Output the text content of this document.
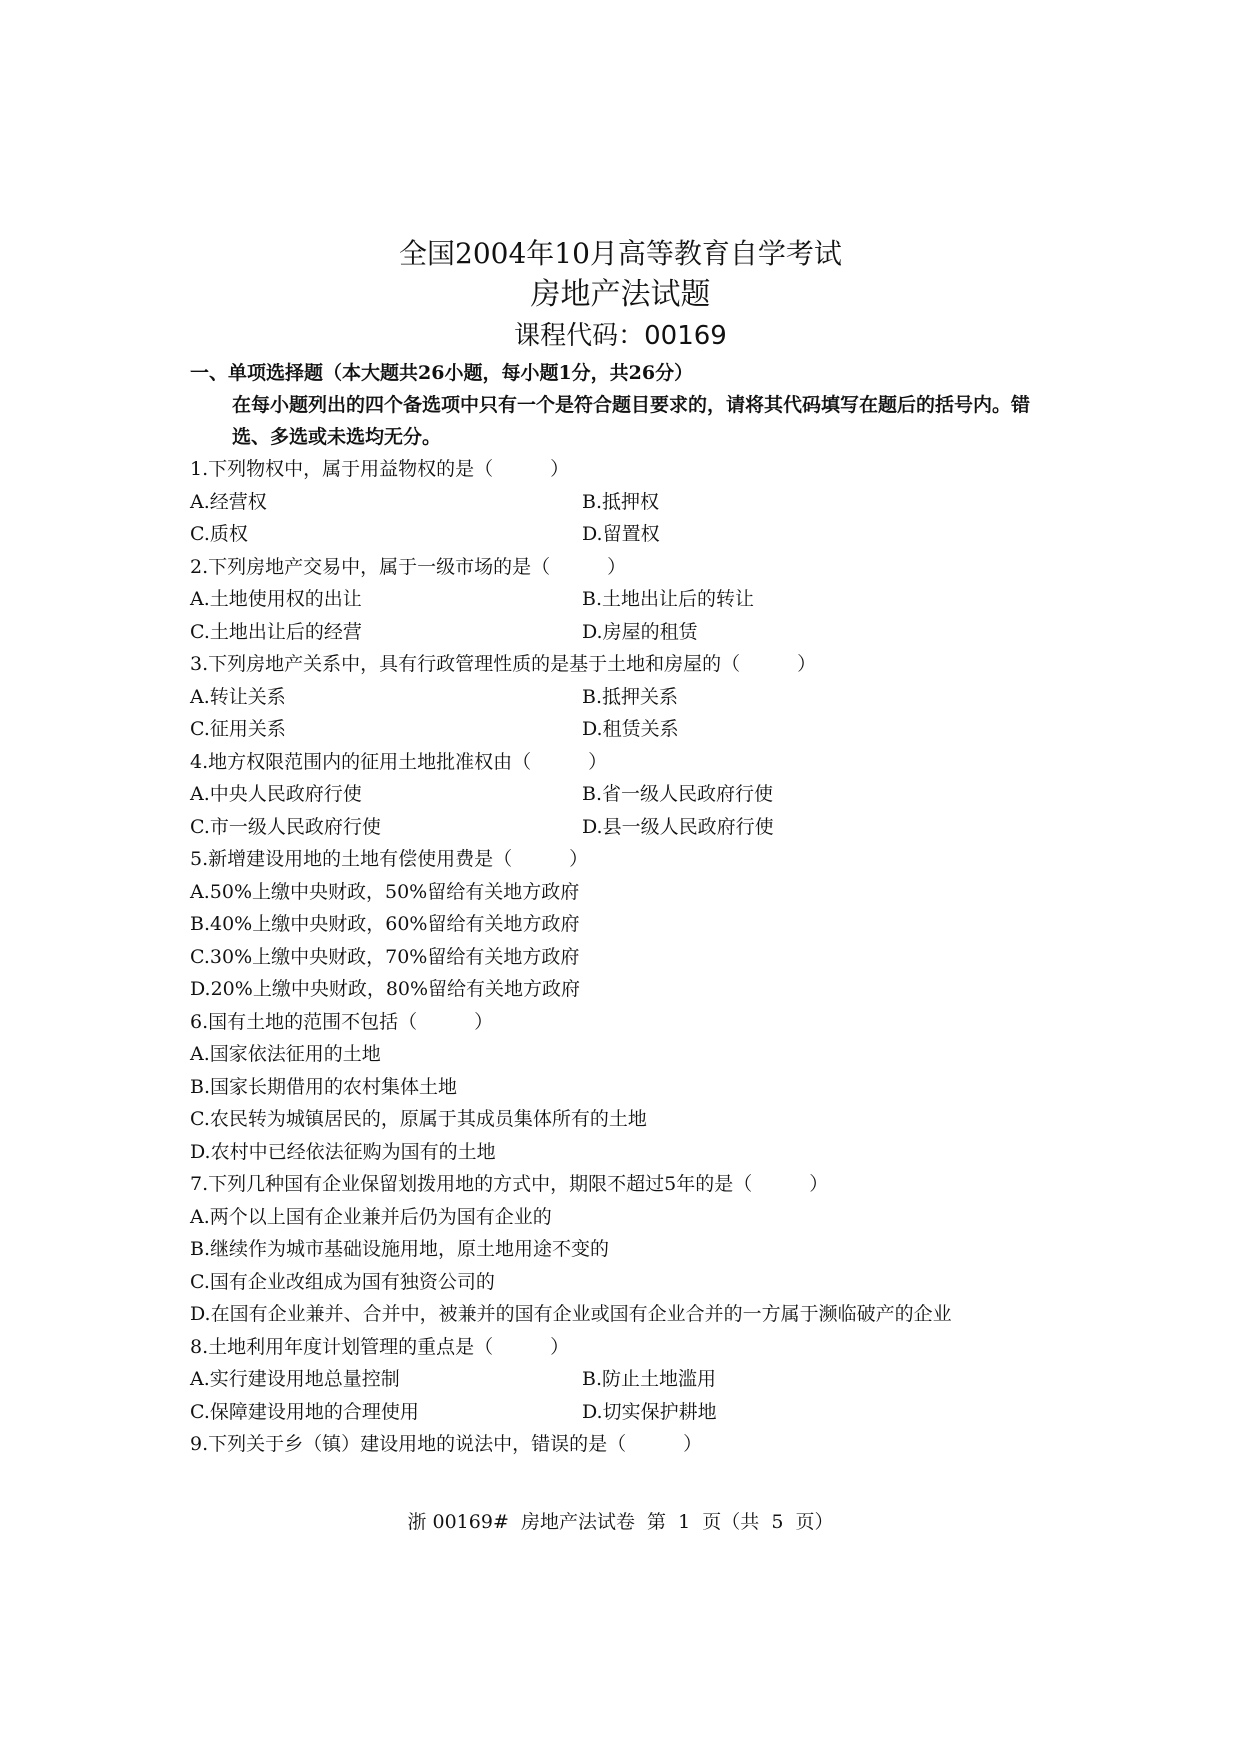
全国2004年10月高等教育自学考试
房地产法试题
课程代码：00169
一、单项选择题（本大题共26小题，每小题1分，共26分）
在每小题列出的四个备选项中只有一个是符合题目要求的，请将其代码填写在题后的括号内。错选、多选或未选均无分。
1.下列物权中，属于用益物权的是（　　　）
A.经营权	B.抵押权
C.质权	D.留置权
2.下列房地产交易中，属于一级市场的是（　　　）
A.土地使用权的出让	B.土地出让后的转让
C.土地出让后的经营	D.房屋的租赁
3.下列房地产关系中，具有行政管理性质的是基于土地和房屋的（　　　）
A.转让关系	B.抵押关系
C.征用关系	D.租赁关系
4.地方权限范围内的征用土地批准权由（　　　）
A.中央人民政府行使	B.省一级人民政府行使
C.市一级人民政府行使	D.县一级人民政府行使
5.新增建设用地的土地有偿使用费是（　　　）
A.50%上缴中央财政，50%留给有关地方政府
B.40%上缴中央财政，60%留给有关地方政府
C.30%上缴中央财政，70%留给有关地方政府
D.20%上缴中央财政，80%留给有关地方政府
6.国有土地的范围不包括（　　　）
A.国家依法征用的土地
B.国家长期借用的农村集体土地
C.农民转为城镇居民的，原属于其成员集体所有的土地
D.农村中已经依法征购为国有的土地
7.下列几种国有企业保留划拨用地的方式中，期限不超过5年的是（　　　）
A.两个以上国有企业兼并后仍为国有企业的
B.继续作为城市基础设施用地，原土地用途不变的
C.国有企业改组成为国有独资公司的
D.在国有企业兼并、合并中，被兼并的国有企业或国有企业合并的一方属于濒临破产的企业
8.土地利用年度计划管理的重点是（　　　）
A.实行建设用地总量控制	B.防止土地滥用
C.保障建设用地的合理使用	D.切实保护耕地
9.下列关于乡（镇）建设用地的说法中，错误的是（　　　）
浙 00169#  房地产法试卷  第  1  页（共  5  页）
